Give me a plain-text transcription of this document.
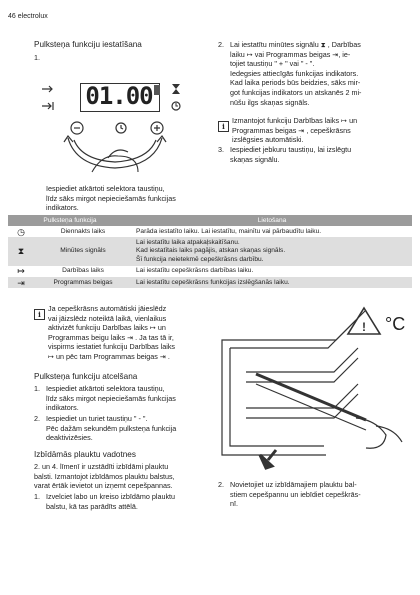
46 electrolux
Pulksteņa funkciju iestatīšana
1.
01.00
Iespiediet atkārtoti selektora taustiņu,
līdz sāks mirgot nepieciešamās funkcijas
indikators.
2. Lai iestatītu minūtes signālu ⧗ , Darbības
laiku ↦ vai Programmas beigas ⇥, ie-
tojiet taustiņu " + " vai " - ".
Iedegsies attiecīgās funkcijas indikators.
Kad laika periods būs beidzies, sāks mir-
got funkcijas indikators un atskanēs 2 mi-
nūšu ilgs skaņas signāls.
i
Izmantojot funkciju Darbības laiks ↦ un
Programmas beigas ⇥ , cepeškrāsns
izslēgsies automātiski.
3. Iespiediet jebkuru taustiņu, lai izslēgtu
skaņas signālu.
Pulksteņa funkcija		Lietošana
◷	Diennakts laiks	Parāda iestatīto laiku. Lai iestatītu, mainītu vai pārbaudītu laiku.
⧗	Minūtes signāls	Lai iestatītu laika atpakaļskaitīšanu.
Kad iestatītais laiks pagājis, atskan skaņas signāls.
Šī funkcija neietekmē cepeškrāsns darbību.

↦	Darbības laiks	Lai iestatītu cepeškrāsns darbības laiku.
⇥	Programmas beigas	Lai iestatītu cepeškrāsns funkcijas izslēgšanās laiku.
i
Ja cepeškrāsns automātiski jāieslēdz
vai jāizslēdz noteiktā laikā, vienlaikus
aktivizēt funkciju Darbības laiks ↦ un
Programmas beigu laiks ⇥ . Ja tas tā ir,
vispirms iestatiet funkciju Darbības laiks
↦ un pēc tam Programmas beigas ⇥ .
Pulksteņa funkciju atcelšana
1. Iespiediet atkārtoti selektora taustiņu,
līdz sāks mirgot nepieciešamās funkcijas
indikators.
2. Iespiediet un turiet taustiņu " - ".
Pēc dažām sekundēm pulksteņa funkcija
deaktivizēsies.
Izbīdāmās plauktu vadotnes
2. un 4. līmenī ir uzstādīti izbīdāmi plauktu
balsti. Izmantojot izbīdāmos plauktu balstus,
varat ērtāk ievietot un izņemt cepešpannas.
1. Izvelciet labo un kreiso izbīdāmo plauktu
balstu, kā tas parādīts attēlā.
! °C
2. Novietojiet uz izbīdāmajiem plauktu bal-
stiem cepešpannu un iebīdiet cepeškrās-
nī.
